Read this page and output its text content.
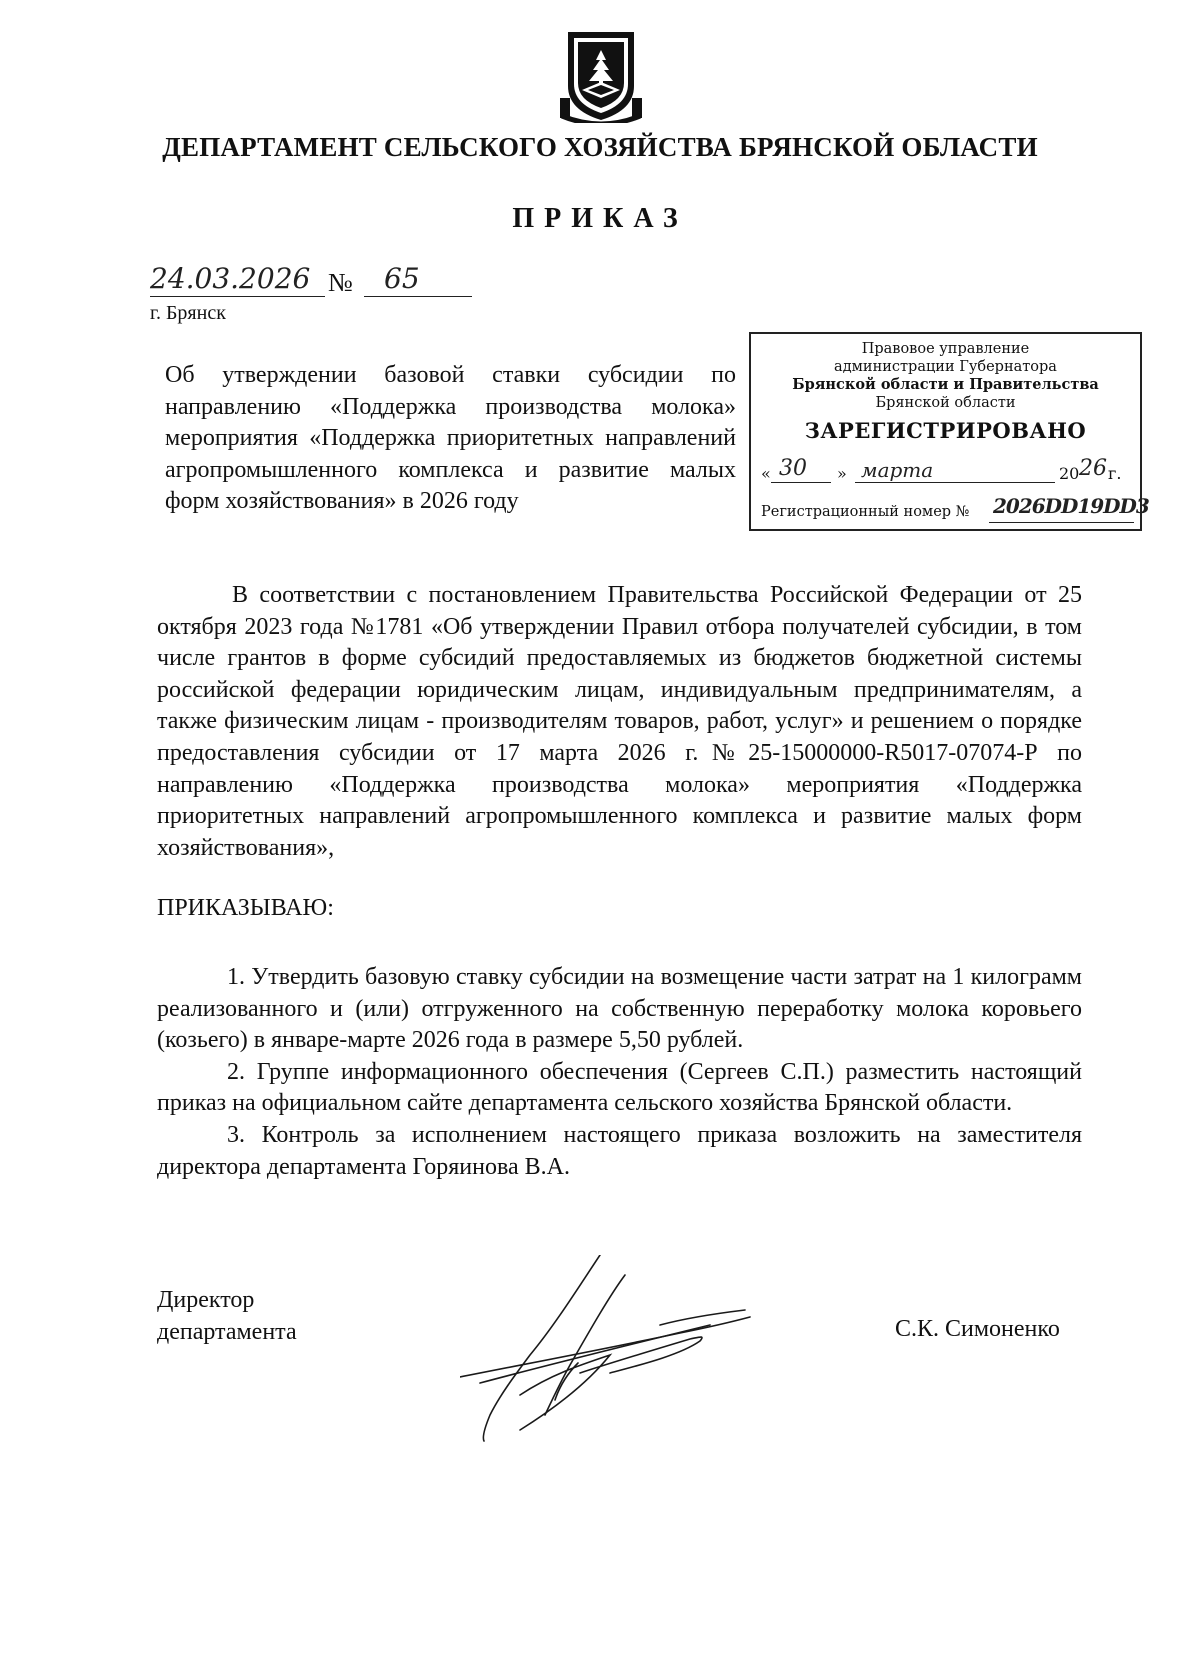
ДЕПАРТАМЕНТ СЕЛЬСКОГО ХОЗЯЙСТВА БРЯНСКОЙ ОБЛАСТИ
ПРИКАЗ
24.03.2026 № 65
г. Брянск
Об утверждении базовой ставки субсидии по направлению «Поддержка производства молока» мероприятия «Поддержка приоритетных направлений агропромышленного комплекса и развитие малых форм хозяйствования» в 2026 году
Правовое управление
администрации Губернатора
Брянской области и Правительства
Брянской области
ЗАРЕГИСТРИРОВАНО
« 30 » марта	20 26 г.
Регистрационный номер № 2026DD19DD3
В соответствии с постановлением Правительства Российской Федерации от 25 октября 2023 года №1781 «Об утверждении Правил отбора получателей субсидии, в том числе грантов в форме субсидий предоставляемых из бюджетов бюджетной системы российской федерации юридическим лицам, индивидуальным предпринимателям, а также физическим лицам - производителям товаров, работ, услуг» и решением о порядке предоставления субсидии от 17 марта 2026 г.№25-15000000-R5017-07074-Р по направлению «Поддержка производства молока» мероприятия «Поддержка приоритетных направлений агропромышленного комплекса и развитие малых форм хозяйствования»,
ПРИКАЗЫВАЮ:

1. Утвердить базовую ставку субсидии на возмещение части затрат на 1 килограмм реализованного и (или) отгруженного на собственную переработку молока коровьего (козьего) в январе-марте 2026 года в размере 5,50 рублей.

2. Группе информационного обеспечения (Сергеев С.П.) разместить настоящий приказ на официальном сайте департамента сельского хозяйства Брянской области.

3. Контроль за исполнением настоящего приказа возложить на заместителя директора департамента Горяинова В.А.

Директор
департамента	С.К. Симоненко
